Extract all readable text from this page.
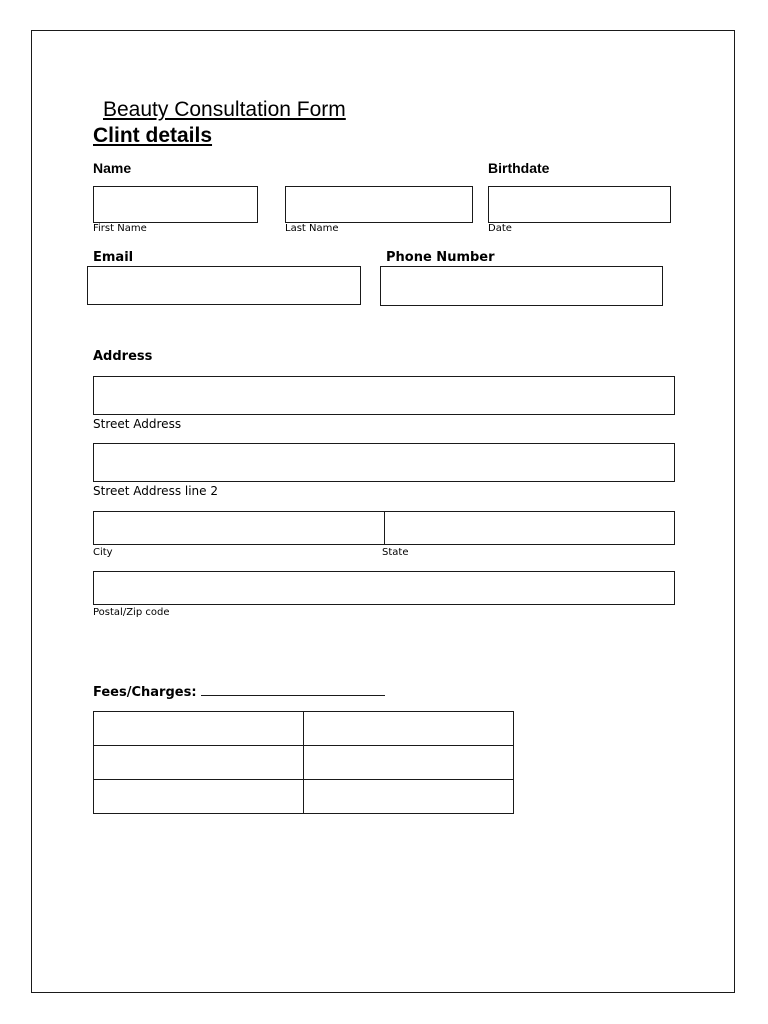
Beauty Consultation Form
Clint details
Name
First Name	Last Name
Birthdate
Date
Email	Phone Number
Address
Street Address
Street Address line 2
City	State
Postal/Zip code
Fees/Charges:
